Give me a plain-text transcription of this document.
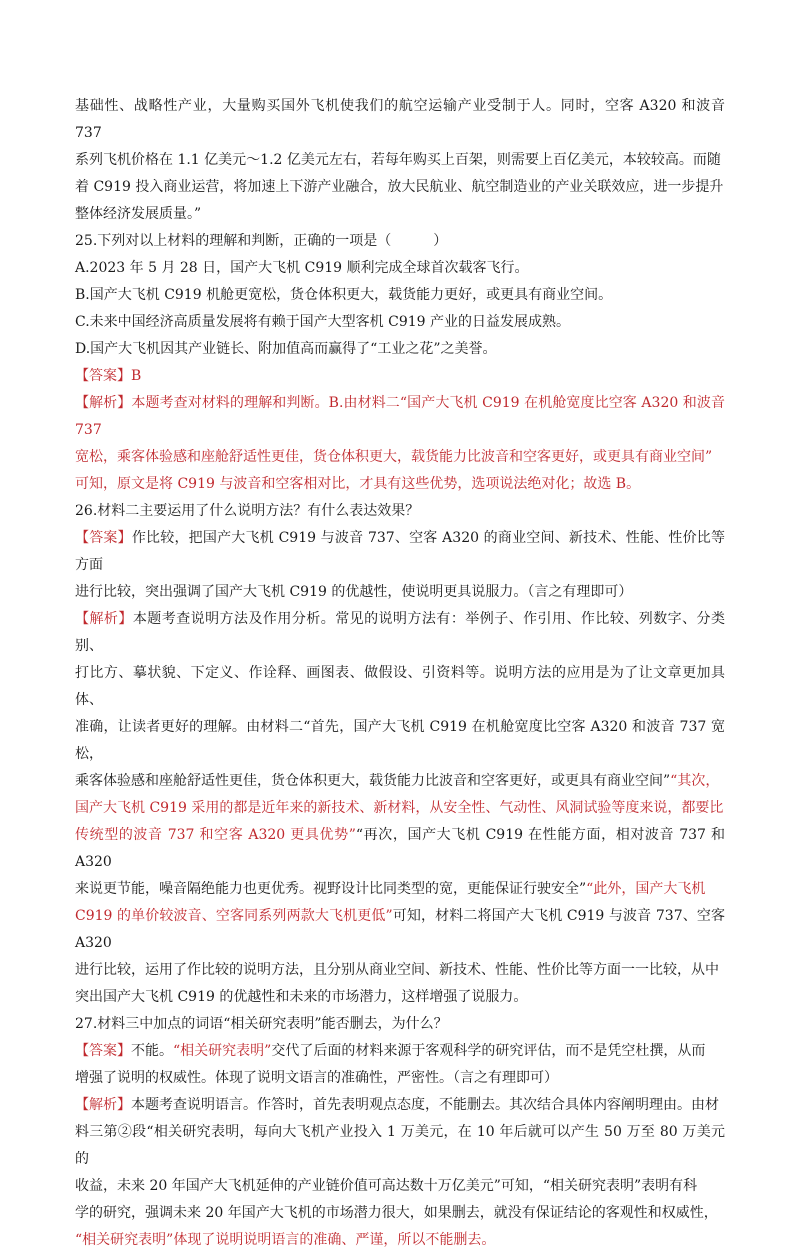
基础性、战略性产业，大量购买国外飞机使我们的航空运输产业受制于人。同时，空客 A320 和波音 737

系列飞机价格在 1.1 亿美元～1.2 亿美元左右，若每年购买上百架，则需要上百亿美元，本较较高。而随

着 C919 投入商业运营，将加速上下游产业融合，放大民航业、航空制造业的产业关联效应，进一步提升

整体经济发展质量。”

25.下列对以上材料的理解和判断，正确的一项是（　　　）

A.2023 年 5 月 28 日，国产大飞机 C919 顺利完成全球首次载客飞行。

B.国产大飞机 C919 机舱更宽松，货仓体积更大，载货能力更好，或更具有商业空间。

C.未来中国经济高质量发展将有赖于国产大型客机 C919 产业的日益发展成熟。

D.国产大飞机因其产业链长、附加值高而赢得了“工业之花”之美誉。

【答案】B

【解析】本题考查对材料的理解和判断。B.由材料二“国产大飞机 C919 在机舱宽度比空客 A320 和波音 737

宽松，乘客体验感和座舱舒适性更佳，货仓体积更大，载货能力比波音和空客更好，或更具有商业空间”

可知，原文是将 C919 与波音和空客相对比，才具有这些优势，选项说法绝对化；故选 B。

26.材料二主要运用了什么说明方法？有什么表达效果？

【答案】作比较，把国产大飞机 C919 与波音 737、空客 A320 的商业空间、新技术、性能、性价比等方面

进行比较，突出强调了国产大飞机 C919 的优越性，使说明更具说服力。（言之有理即可）

【解析】本题考查说明方法及作用分析。常见的说明方法有：举例子、作引用、作比较、列数字、分类别、

打比方、摹状貌、下定义、作诠释、画图表、做假设、引资料等。说明方法的应用是为了让文章更加具体、

准确，让读者更好的理解。由材料二“首先，国产大飞机 C919 在机舱宽度比空客 A320 和波音 737 宽松，

乘客体验感和座舱舒适性更佳，货仓体积更大，载货能力比波音和空客更好，或更具有商业空间”“其次，

国产大飞机 C919 采用的都是近年来的新技术、新材料，从安全性、气动性、风洞试验等度来说，都要比

传统型的波音 737 和空客 A320 更具优势”“再次，国产大飞机 C919 在性能方面，相对波音 737 和 A320

来说更节能，噪音隔绝能力也更优秀。视野设计比同类型的宽，更能保证行驶安全”“此外，国产大飞机

C919 的单价较波音、空客同系列两款大飞机更低”可知，材料二将国产大飞机 C919 与波音 737、空客 A320

进行比较，运用了作比较的说明方法，且分别从商业空间、新技术、性能、性价比等方面一一比较，从中

突出国产大飞机 C919 的优越性和未来的市场潜力，这样增强了说服力。

27.材料三中加点的词语“相关研究表明”能否删去，为什么？

【答案】不能。“相关研究表明”交代了后面的材料来源于客观科学的研究评估，而不是凭空杜撰，从而

增强了说明的权威性。体现了说明文语言的准确性，严密性。（言之有理即可）

【解析】本题考查说明语言。作答时，首先表明观点态度，不能删去。其次结合具体内容阐明理由。由材

料三第②段“相关研究表明，每向大飞机产业投入 1 万美元，在 10 年后就可以产生 50 万至 80 万美元的

收益，未来 20 年国产大飞机延伸的产业链价值可高达数十万亿美元”可知，“相关研究表明”表明有科

学的研究，强调未来 20 年国产大飞机的市场潜力很大，如果删去，就没有保证结论的客观性和权威性，

“相关研究表明”体现了说明说明语言的准确、严谨，所以不能删去。
